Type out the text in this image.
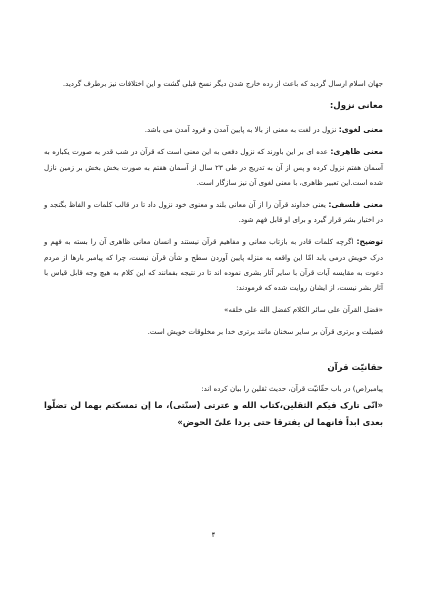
جهان اسلام ارسال گردید که باعث از رده خارج شدن دیگر نسخ قبلی گشت و این اختلافات نیز برطرف گردید.

معانی نزول:

معنی لغوی: نزول در لغت به معنی از بالا به پایین آمدن و فرود آمدن می باشد.

معنی ظاهری: عده ای بر این باورند که نزول دفعی به این معنی است که قرآن در شب قدر به صورت یکباره به آسمان هفتم نزول کرده و پس از آن به تدریج در طی ۲۳ سال از آسمان هفتم به صورت بخش بخش بر زمین نازل شده است.این تعبیر ظاهری، با معنی لغوی آن نیز سازگار است.

معنی فلسفی: یعنی خداوند قرآن را از آن معانی بلند و معنوی خود نزول داد تا در قالب کلمات و الفاظ بگنجد و در اختیار بشر قرار گیرد و برای او قابل فهم شود.

توضیح: اگرچه کلمات قادر به بازتاب معانی و مفاهیم قرآن نیستند و انسان معانی ظاهری آن را بسته به فهم و درک خویش درمی یابد امّا این واقعه به منزله پایین آوردن سطح و شأن قرآن نیست، چرا که پیامبر بارها از مردم دعوت به مقایسه آیات قرآن با سایر آثار بشری نموده اند تا در نتیجه بفمانند که این کلام به هیچ وجه قابل قیاس با آثار بشر نیست، از ایشان روایت شده که فرمودند:

«فضل القرآن علی سائر الکلام کفضل الله علی خلقه»

فضیلت و برتری قرآن بر سایر سخنان مانند برتری خدا بر مخلوقات خویش است.

حقانیّت قرآن

پیامبر(ص) در باب حقّانیّت قرآن، حدیث ثقلین را بیان کرده اند:

«انّی تارک فیکم الثقلین،کتاب الله و عترتی (سنّتی)، ما إن تمسکتم بهما لن تضلّوا بعدی ابداً فانهما لن یفترقا حتی یردا علیّ الحوض»

۴
